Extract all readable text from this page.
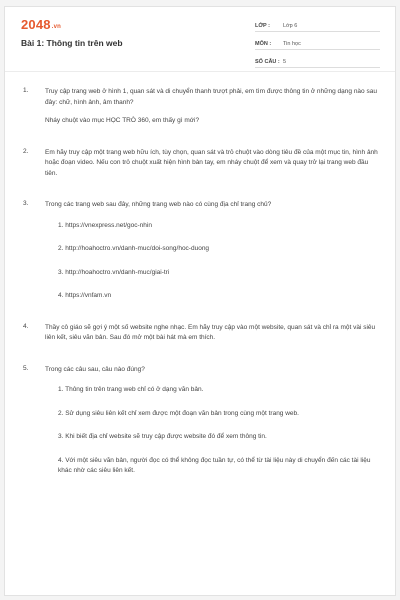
2048.vn
Bài 1: Thông tin trên web
LỚP :	Lớp 6
MÔN :	Tin học
SỐ CÂU : 5
1.	Truy cập trang web ở hình 1, quan sát và di chuyển thanh trượt phải, em tìm được thông tin ở những dạng nào sau đây: chữ, hình ảnh, âm thanh?
Nháy chuột vào mục HỌC TRÒ 360, em thấy gì mới?
2.	Em hãy truy cập một trang web hữu ích, tùy chọn, quan sát và trỏ chuột vào dòng tiêu đề của một mục tin, hình ảnh hoặc đoạn video. Nếu con trỏ chuột xuất hiện hình bàn tay, em nháy chuột để xem và quay trở lại trang web đầu tiên.
3.	Trong các trang web sau đây, những trang web nào có cùng địa chỉ trang chủ?
1. https://vnexpress.net/goc-nhin
2. http://hoahoctro.vn/danh-muc/doi-song/hoc-duong
3. http://hoahoctro.vn/danh-muc/giai-tri
4. https://vnfam.vn
4.	Thầy cô giáo sẽ gợi ý một số website nghe nhạc. Em hãy truy cập vào một website, quan sát và chỉ ra một vài siêu liên kết, siêu văn bản. Sau đó mở một bài hát mà em thích.
5.	Trong các câu sau, câu nào đúng?
1. Thông tin trên trang web chỉ có ở dạng văn bản.
2. Sử dụng siêu liên kết chỉ xem được một đoạn văn bản trong cùng một trang web.
3. Khi biết địa chỉ website sẽ truy cập được website đó để xem thông tin.
4. Với một siêu văn bản, người đọc có thể không đọc tuần tự, có thể từ tài liệu này di chuyển đến các tài liệu khác nhờ các siêu liên kết.
